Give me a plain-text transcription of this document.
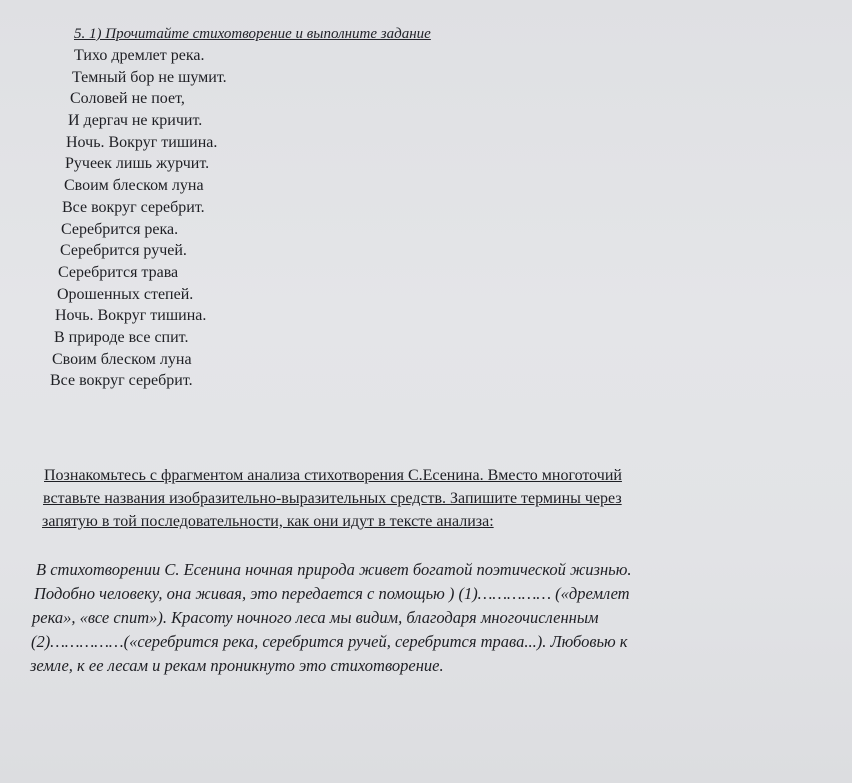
5. 1) Прочитайте стихотворение и выполните задание
Тихо дремлет река.
Темный бор не шумит.
Соловей не поет,
И дергач не кричит.
Ночь. Вокруг тишина.
Ручеек лишь журчит.
Своим блеском луна
Все вокруг серебрит.
Серебрится река.
Серебрится ручей.
Серебрится трава
Орошенных степей.
Ночь. Вокруг тишина.
В природе все спит.
Своим блеском луна
Все вокруг серебрит.
Познакомьтесь с фрагментом анализа стихотворения С.Есенина. Вместо многоточий
вставьте названия изобразительно-выразительных средств. Запишите термины через
запятую в той последовательности, как они идут в тексте анализа:
В стихотворении С. Есенина ночная природа живет богатой поэтической жизнью.
Подобно человеку, она живая, это передается с помощью ) (1)…………… («дремлет
река», «все спит»). Красоту ночного леса мы видим, благодаря многочисленным
(2)……………(«серебрится река, серебрится ручей, серебрится трава...). Любовью к
земле, к ее лесам и рекам проникнуто это стихотворение.
